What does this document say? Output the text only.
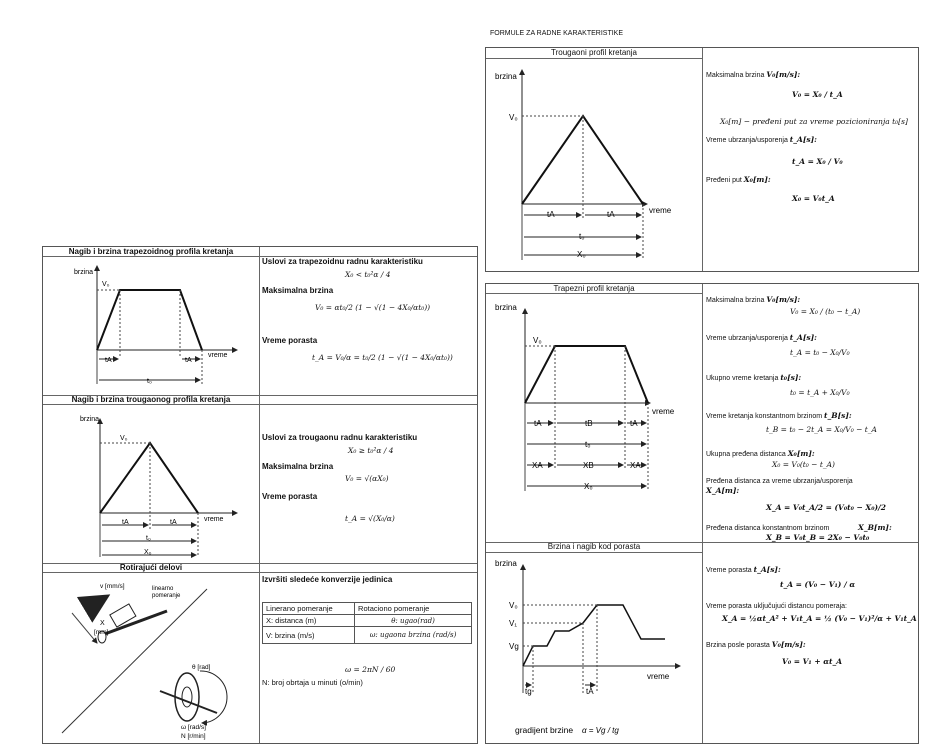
FORMULE ZA RADNE KARAKTERISTIKE
Nagib i brzina trapezoidnog profila kretanja
Nagib i brzina trougaonog profila kretanja
Rotirajući delovi
brzina
vreme
V₀
tA	tA
t₀
Uslovi za trapezoidnu radnu karakteristiku
X₀ < t₀²α / 4
Maksimalna brzina
V₀ = αt₀/2 (1 − √(1 − 4X₀/αt₀))
Vreme porasta
t_A = V₀/α = t₀/2 (1 − √(1 − 4X₀/αt₀))
brzina
vreme
V₀
tA	tA
t₀
X₀
Uslovi za trougaonu radnu karakteristiku
X₀ ≥ t₀²α / 4
Maksimalna brzina
V₀ = √(αX₀)
Vreme porasta
t_A = √(X₀/α)
v [mm/s]	linearno
pomeranje
X
[mm]
θ [rad]
ω [rad/s]
N [r/min]
Izvršiti sledeće konverzije jedinica
Linerano pomeranje	Rotaciono pomeranje
X: distanca (m)	θ: ugao(rad)
V: brzina (m/s)	ω: ugaona brzina (rad/s)
ω = 2πN / 60
N: broj obrtaja u minuti (o/min)
Trougaoni profil kretanja
brzina
vreme
V₀
tA	tA
t₀
X₀
Maksimalna brzina V₀[m/s]:
V₀ = X₀ / t_A
X₀[m] − pređeni put za vreme pozicioniranja t₀[s]
Vreme ubrzanja/usporenja t_A[s]:
t_A = X₀ / V₀
Pređeni put X₀[m]:
X₀ = V₀t_A
Trapezni profil kretanja
Brzina i nagib kod porasta
brzina
vreme
V₀
tA	tB	tA
t₀
XA	XB	XA
X₀
Maksimalna brzina V₀[m/s]:
V₀ = X₀ / (t₀ − t_A)
Vreme ubrzanja/usporenja t_A[s]:
t_A = t₀ − X₀/V₀
Ukupno vreme kretanja t₀[s]:
t₀ = t_A + X₀/V₀
Vreme kretanja konstantnom brzinom t_B[s]:
t_B = t₀ − 2t_A = X₀/V₀ − t_A
Ukupna pređena distanca X₀[m]:
X₀ = V₀(t₀ − t_A)
Pređena distanca za vreme ubrzanja/usporenja
X_A[m]:
X_A = V₀t_A/2 = (V₀t₀ − X₀)/2
Pređena distanca konstantnom brzinom	X_B[m]:
X_B = V₀t_B = 2X₀ − V₀t₀
brzina
vreme
V₀
V₁
Vg
tg	tA
gradijent brzine α = Vg / tg
Vreme porasta t_A[s]:
t_A = (V₀ − V₁) / α
Vreme porasta uključujući distancu pomeraja:
X_A = ½αt_A² + V₁t_A = ½ (V₀ − V₁)²/α + V₁t_A
Brzina posle porasta V₀[m/s]:
V₀ = V₁ + αt_A
